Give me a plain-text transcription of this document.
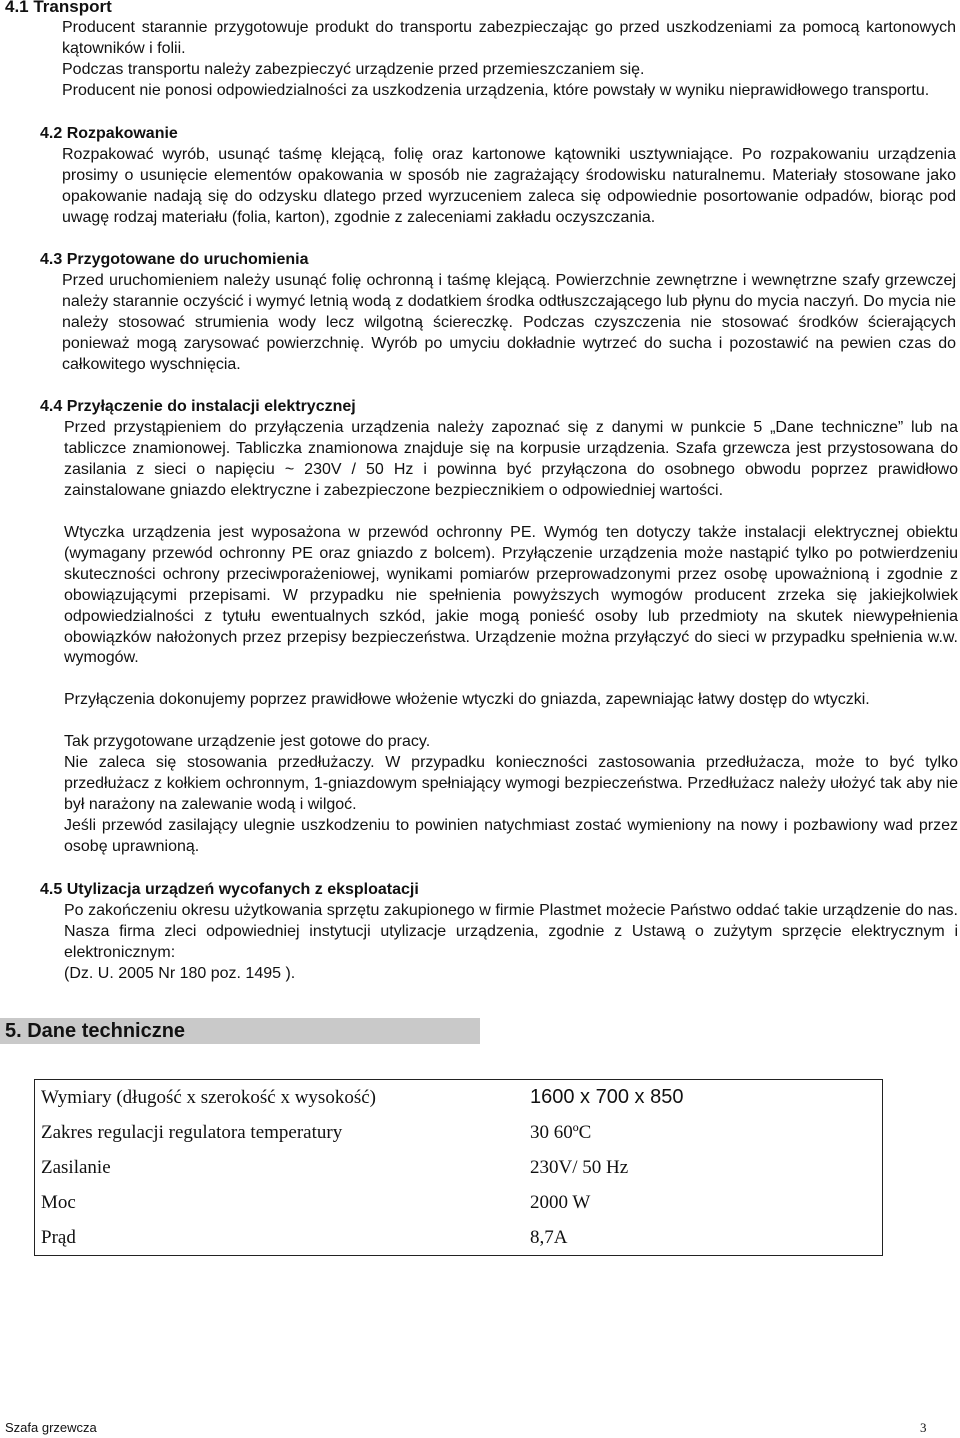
4.1 Transport

Producent starannie przygotowuje produkt do transportu zabezpieczając go przed uszkodzeniami za pomocą kartonowych kątowników i folii.

Podczas transportu należy zabezpieczyć urządzenie przed przemieszczaniem się.

Producent nie ponosi odpowiedzialności za uszkodzenia urządzenia, które powstały w wyniku nieprawidłowego transportu.

4.2 Rozpakowanie

Rozpakować wyrób, usunąć taśmę klejącą, folię oraz kartonowe kątowniki usztywniające. Po rozpakowaniu urządzenia prosimy o usunięcie elementów opakowania w sposób nie zagrażający środowisku naturalnemu. Materiały stosowane jako opakowanie nadają się do odzysku dlatego przed wyrzuceniem zaleca się odpowiednie posortowanie odpadów, biorąc pod uwagę rodzaj materiału (folia, karton), zgodnie z zaleceniami zakładu oczyszczania.

4.3 Przygotowane do uruchomienia

Przed uruchomieniem należy usunąć folię ochronną i taśmę klejącą. Powierzchnie zewnętrzne i wewnętrzne szafy grzewczej należy starannie oczyścić i wymyć letnią wodą z dodatkiem środka odtłuszczającego lub płynu do mycia naczyń. Do mycia nie należy stosować strumienia wody lecz wilgotną ściereczkę. Podczas czyszczenia nie stosować środków ścierających ponieważ mogą zarysować powierzchnię. Wyrób po umyciu dokładnie wytrzeć do sucha i pozostawić na pewien czas do całkowitego wyschnięcia.

4.4 Przyłączenie do instalacji elektrycznej

Przed przystąpieniem do przyłączenia urządzenia należy zapoznać się z danymi w punkcie 5 „Dane techniczne” lub na tabliczce znamionowej. Tabliczka znamionowa znajduje się na korpusie urządzenia. Szafa grzewcza jest przystosowana do zasilania z sieci o napięciu ~ 230V / 50 Hz i powinna być przyłączona do osobnego obwodu poprzez prawidłowo zainstalowane gniazdo elektryczne i zabezpieczone bezpiecznikiem o odpowiedniej wartości.

Wtyczka urządzenia jest wyposażona w przewód ochronny PE. Wymóg ten dotyczy także instalacji elektrycznej obiektu (wymagany przewód ochronny PE oraz gniazdo z bolcem). Przyłączenie urządzenia może nastąpić tylko po potwierdzeniu skuteczności ochrony przeciwporażeniowej, wynikami pomiarów przeprowadzonymi przez osobę upoważnioną i zgodnie z obowiązującymi przepisami. W przypadku nie spełnienia powyższych wymogów producent zrzeka się jakiejkolwiek odpowiedzialności z tytułu ewentualnych szkód, jakie mogą ponieść osoby lub przedmioty na skutek niewypełnienia obowiązków nałożonych przez przepisy bezpieczeństwa. Urządzenie można przyłączyć do sieci w przypadku spełnienia w.w. wymogów.

Przyłączenia dokonujemy poprzez prawidłowe włożenie wtyczki do gniazda, zapewniając łatwy dostęp do wtyczki.

Tak przygotowane urządzenie jest gotowe do pracy.

Nie zaleca się stosowania przedłużaczy. W przypadku konieczności zastosowania przedłużacza, może to być tylko przedłużacz z kołkiem ochronnym, 1-gniazdowym spełniający wymogi bezpieczeństwa. Przedłużacz należy ułożyć tak aby nie był narażony na zalewanie wodą i wilgoć.

Jeśli przewód zasilający ulegnie uszkodzeniu to powinien natychmiast zostać wymieniony na nowy i pozbawiony wad przez osobę uprawnioną.

4.5 Utylizacja urządzeń wycofanych z eksploatacji

Po zakończeniu okresu użytkowania sprzętu zakupionego w firmie Plastmet możecie Państwo oddać takie urządzenie do nas. Nasza firma zleci odpowiedniej instytucji utylizacje urządzenia, zgodnie z Ustawą o zużytym sprzęcie elektrycznym i elektronicznym:

(Dz. U. 2005 Nr 180 poz. 1495 ).

5. Dane techniczne
Wymiary (długość x szerokość x wysokość)	1600 x 700 x 850
Zakres regulacji regulatora temperatury	30 60ºC
Zasilanie	230V/ 50 Hz
Moc	2000 W
Prąd	8,7A

Szafa grzewcza	3
